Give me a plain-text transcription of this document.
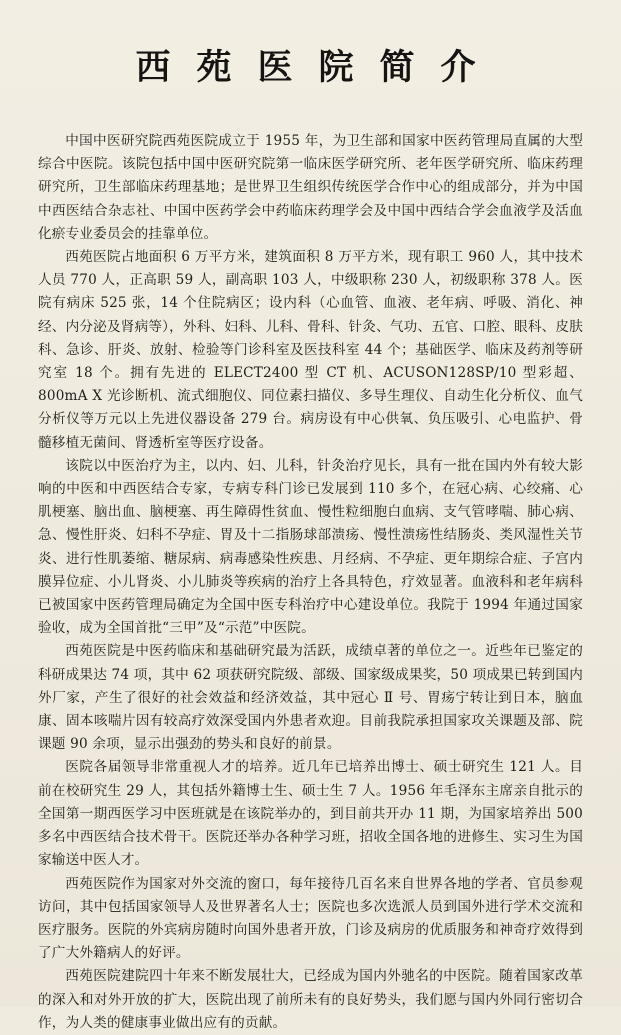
西苑医院简介

中国中医研究院西苑医院成立于 1955 年，为卫生部和国家中医药管理局直属的大型综合中医院。该院包括中国中医研究院第一临床医学研究所、老年医学研究所、临床药理研究所，卫生部临床药理基地；是世界卫生组织传统医学合作中心的组成部分，并为中国中西医结合杂志社、中国中医药学会中药临床药理学会及中国中西结合学会血液学及活血化瘀专业委员会的挂靠单位。

西苑医院占地面积 6 万平方米，建筑面积 8 万平方米，现有职工 960 人，其中技术人员 770 人，正高职 59 人，副高职 103 人，中级职称 230 人，初级职称 378 人。医院有病床 525 张，14 个住院病区；设内科（心血管、血液、老年病、呼吸、消化、神经、内分泌及肾病等），外科、妇科、儿科、骨科、针灸、气功、五官、口腔、眼科、皮肤科、急诊、肝炎、放射、检验等门诊科室及医技科室 44 个；基础医学、临床及药剂等研究室 18 个。拥有先进的 ELECT2400 型 CT 机、ACUSON128SP/10 型彩超、800mA X 光诊断机、流式细胞仪、同位素扫描仪、多导生理仪、自动生化分析仪、血气分析仪等万元以上先进仪器设备 279 台。病房设有中心供氧、负压吸引、心电监护、骨髓移植无菌间、肾透析室等医疗设备。

该院以中医治疗为主，以内、妇、儿科，针灸治疗见长，具有一批在国内外有较大影响的中医和中西医结合专家，专病专科门诊已发展到 110 多个，在冠心病、心绞痛、心肌梗塞、脑出血、脑梗塞、再生障碍性贫血、慢性粒细胞白血病、支气管哮喘、肺心病、急、慢性肝炎、妇科不孕症、胃及十二指肠球部溃疡、慢性溃疡性结肠炎、类风湿性关节炎、进行性肌萎缩、糖尿病、病毒感染性疾患、月经病、不孕症、更年期综合症、子宫内膜异位症、小儿肾炎、小儿肺炎等疾病的治疗上各具特色，疗效显著。血液科和老年病科已被国家中医药管理局确定为全国中医专科治疗中心建设单位。我院于 1994 年通过国家验收，成为全国首批“三甲”及“示范”中医院。

西苑医院是中医药临床和基础研究最为活跃，成绩卓著的单位之一。近些年已鉴定的科研成果达 74 项，其中 62 项获研究院级、部级、国家级成果奖，50 项成果已转到国内外厂家，产生了很好的社会效益和经济效益，其中冠心 Ⅱ 号、胃疡宁转让到日本，脑血康、固本咳喘片因有较高疗效深受国内外患者欢迎。目前我院承担国家攻关课题及部、院课题 90 余项，显示出强劲的势头和良好的前景。

医院各届领导非常重视人才的培养。近几年已培养出博士、硕士研究生 121 人。目前在校研究生 29 人，其包括外籍博士生、硕士生 7 人。1956 年毛泽东主席亲自批示的全国第一期西医学习中医班就是在该院举办的，到目前共开办 11 期，为国家培养出 500 多名中西医结合技术骨干。医院还举办各种学习班，招收全国各地的进修生、实习生为国家输送中医人才。

西苑医院作为国家对外交流的窗口，每年接待几百名来自世界各地的学者、官员参观访问，其中包括国家领导人及世界著名人士；医院也多次选派人员到国外进行学术交流和医疗服务。医院的外宾病房随时向国外患者开放，门诊及病房的优质服务和神奇疗效得到了广大外籍病人的好评。

西苑医院建院四十年来不断发展壮大，已经成为国内外驰名的中医院。随着国家改革的深入和对外开放的扩大，医院出现了前所未有的良好势头，我们愿与国内外同行密切合作，为人类的健康事业做出应有的贡献。
